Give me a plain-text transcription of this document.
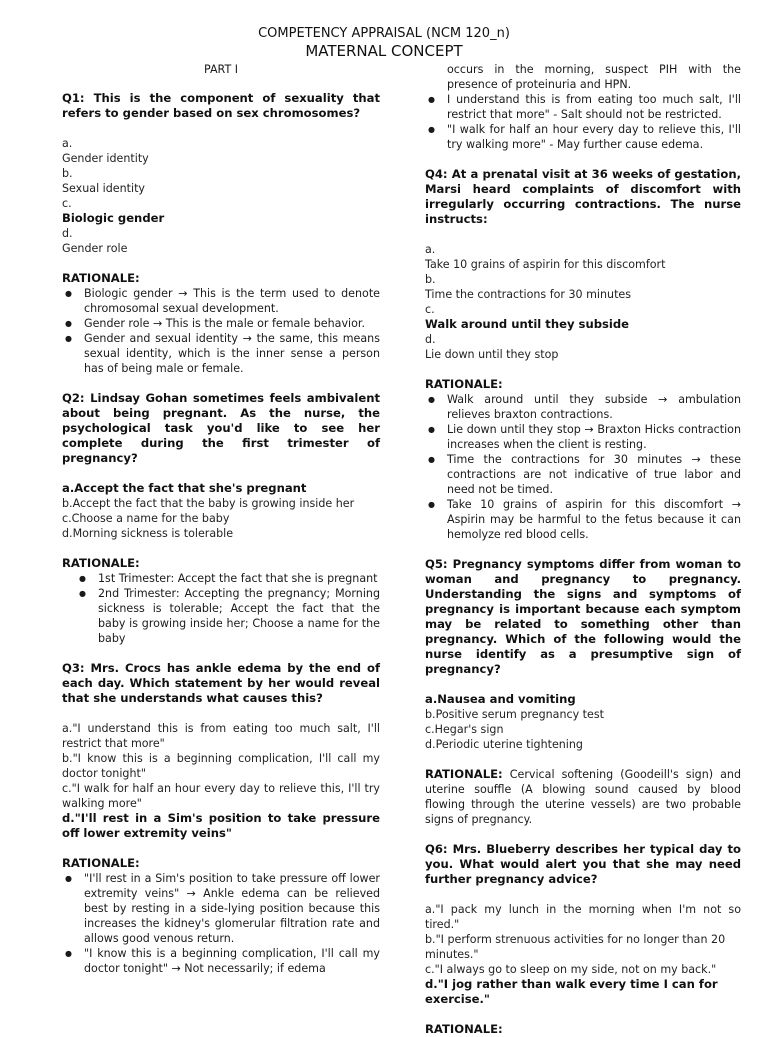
COMPETENCY APPRAISAL (NCM 120_n)
MATERNAL CONCEPT

PART I

Q1: This is the component of sexuality that refers to gender based on sex chromosomes?

a.

Gender identity

b.

Sexual identity

c.

Biologic gender

d.

Gender role

RATIONALE:

● Biologic gender → This is the term used to denote chromosomal sexual development.
● Gender role → This is the male or female behavior.
● Gender and sexual identity → the same, this means sexual identity, which is the inner sense a person has of being male or female.

Q2: Lindsay Gohan sometimes feels ambivalent about being pregnant. As the nurse, the psychological task you'd like to see her complete during the first trimester of pregnancy?

a.Accept the fact that she's pregnant

b.Accept the fact that the baby is growing inside her

c.Choose a name for the baby

d.Morning sickness is tolerable

RATIONALE:

● 1st Trimester: Accept the fact that she is pregnant
● 2nd Trimester: Accepting the pregnancy; Morning sickness is tolerable; Accept the fact that the baby is growing inside her; Choose a name for the baby

Q3: Mrs. Crocs has ankle edema by the end of each day. Which statement by her would reveal that she understands what causes this?

a."I understand this is from eating too much salt, I'll restrict that more"

b."I know this is a beginning complication, I'll call my doctor tonight"

c."I walk for half an hour every day to relieve this, I'll try walking more"

d."I'll rest in a Sim's position to take pressure off lower extremity veins"

RATIONALE:

● "I'll rest in a Sim's position to take pressure off lower extremity veins" → Ankle edema can be relieved best by resting in a side-lying position because this increases the kidney's glomerular filtration rate and allows good venous return.
● "I know this is a beginning complication, I'll call my doctor tonight" → Not necessarily; if edema

occurs in the morning, suspect PIH with the presence of proteinuria and HPN.

● I understand this is from eating too much salt, I'll restrict that more" - Salt should not be restricted.
● "I walk for half an hour every day to relieve this, I'll try walking more" - May further cause edema.

Q4: At a prenatal visit at 36 weeks of gestation, Marsi heard complaints of discomfort with irregularly occurring contractions. The nurse instructs:

a.

Take 10 grains of aspirin for this discomfort

b.

Time the contractions for 30 minutes

c.

Walk around until they subside

d.

Lie down until they stop

RATIONALE:

● Walk around until they subside → ambulation relieves braxton contractions.
● Lie down until they stop → Braxton Hicks contraction increases when the client is resting.
● Time the contractions for 30 minutes → these contractions are not indicative of true labor and need not be timed.
● Take 10 grains of aspirin for this discomfort → Aspirin may be harmful to the fetus because it can hemolyze red blood cells.

Q5: Pregnancy symptoms differ from woman to woman and pregnancy to pregnancy. Understanding the signs and symptoms of pregnancy is important because each symptom may be related to something other than pregnancy. Which of the following would the nurse identify as a presumptive sign of pregnancy?

a.Nausea and vomiting

b.Positive serum pregnancy test

c.Hegar's sign

d.Periodic uterine tightening

RATIONALE: Cervical softening (Goodeill's sign) and uterine souffle (A blowing sound caused by blood flowing through the uterine vessels) are two probable signs of pregnancy.

Q6: Mrs. Blueberry describes her typical day to you. What would alert you that she may need further pregnancy advice?

a."I pack my lunch in the morning when I'm not so tired."

b."I perform strenuous activities for no longer than 20 minutes."

c."I always go to sleep on my side, not on my back."

d."I jog rather than walk every time I can for exercise."

RATIONALE:
